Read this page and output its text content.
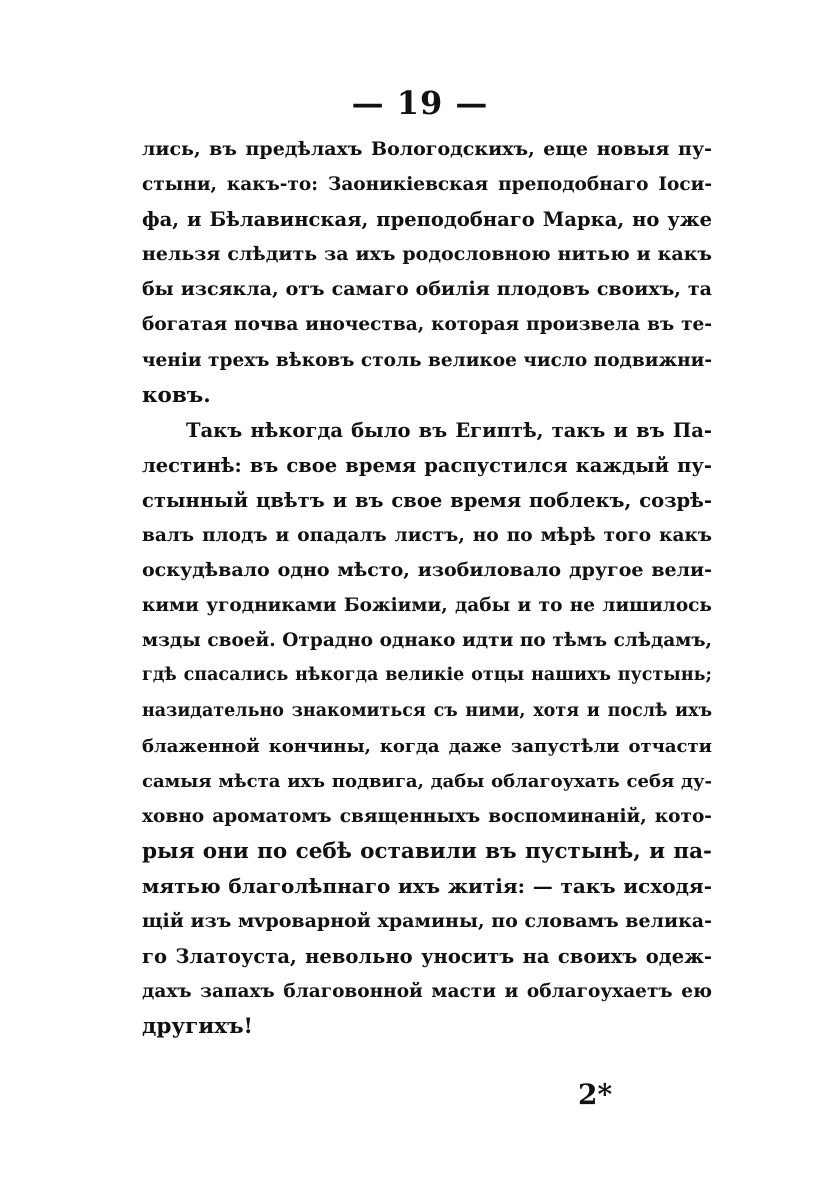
— 19 —
лись, въ предѣлахъ Вологодскихъ, еще новыя пу-
стыни, какъ-то: Заоникіевская преподобнаго Іоси-
фа, и Бѣлавинская, преподобнаго Марка, но уже
нельзя слѣдить за ихъ родословною нитью и какъ
бы изсякла, отъ самаго обилія плодовъ своихъ, та
богатая почва иночества, которая произвела въ те-
ченіи трехъ вѣковъ столь великое число подвижни-
ковъ.
Такъ нѣкогда было въ Египтѣ, такъ и въ Па-
лестинѣ: въ свое время распустился каждый пу-
стынный цвѣтъ и въ свое время поблекъ, созрѣ-
валъ плодъ и опадалъ листъ, но по мѣрѣ того какъ
оскудѣвало одно мѣсто, изобиловало другое вели-
кими угодниками Божіими, дабы и то не лишилось
мзды своей. Отрадно однако идти по тѣмъ слѣдамъ,
гдѣ спасались нѣкогда великіе отцы нашихъ пустынь;
назидательно знакомиться съ ними, хотя и послѣ ихъ
блаженной кончины, когда даже запустѣли отчасти
самыя мѣста ихъ подвига, дабы облагоухать себя ду-
ховно ароматомъ священныхъ воспоминаній, кото-
рыя они по себѣ оставили въ пустынѣ, и па-
мятью благолѣпнаго ихъ житія: — такъ исходя-
щій изъ мvроварной храмины, по словамъ велика-
го Златоуста, невольно уноситъ на своихъ одеж-
дахъ запахъ благовонной масти и облагоухаетъ ею
другихъ!
2*
